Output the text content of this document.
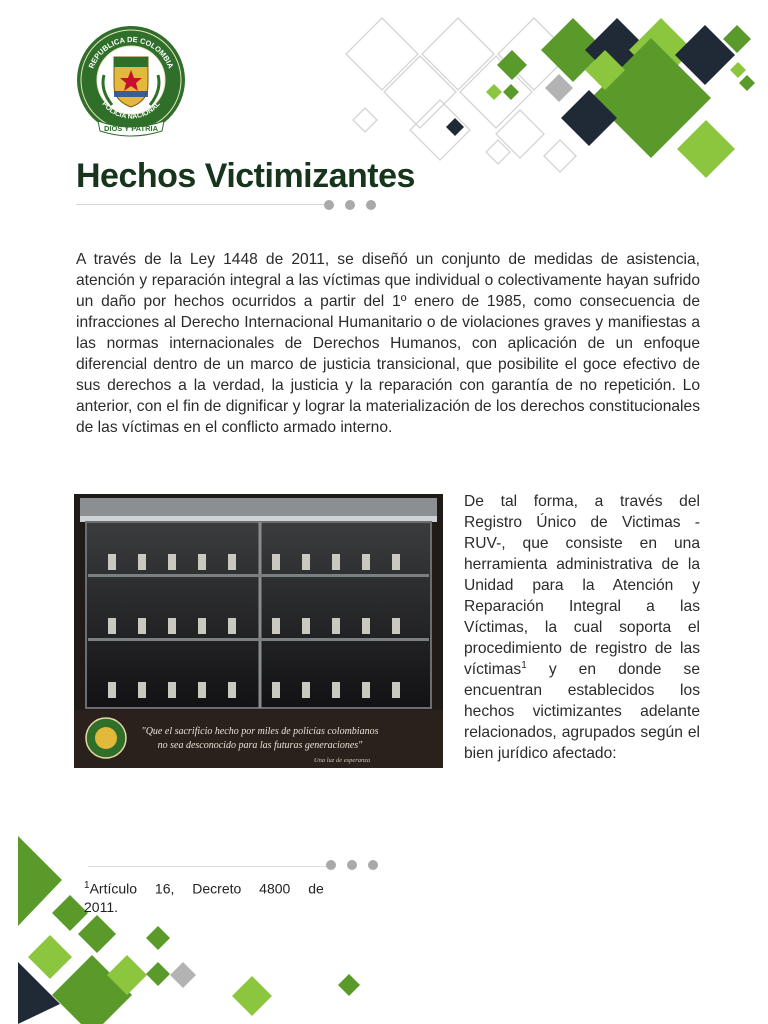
REPUBLICA DE COLOMBIA
POLICIA NACIONAL
DIOS Y PATRIA
Hechos Victimizantes

A través de la Ley 1448 de 2011, se diseñó un conjunto de medidas de asistencia, atención y reparación integral a las víctimas que individual o colectivamente hayan sufrido un daño por hechos ocurridos a partir del 1º enero de 1985, como consecuencia de infracciones al Derecho Internacional Humanitario o de violaciones graves y manifiestas a las normas internacionales de Derechos Humanos, con aplicación de un enfoque diferencial dentro de un marco de justicia transicional, que posibilite el goce efectivo de sus derechos a la verdad, la justicia y la reparación con garantía de no repetición. Lo anterior, con el fin de dignificar y lograr la materialización de los derechos constitucionales de las víctimas en el conflicto armado interno.

"Que el sacrificio hecho por miles de policías colombianos
no sea desconocido para las futuras generaciones"
Una luz de esperanza

De tal forma, a través del Registro Único de Victimas -RUV-, que consiste en una herramienta administrativa de la Unidad para la Atención y Reparación Integral a las Víctimas, la cual soporta el procedimiento de registro de las víctimas$^1$ y en donde se encuentran establecidos los hechos victimizantes adelante relacionados, agrupados según el bien jurídico afectado:

$^1$Artículo 16, Decreto 4800 de 2011.
